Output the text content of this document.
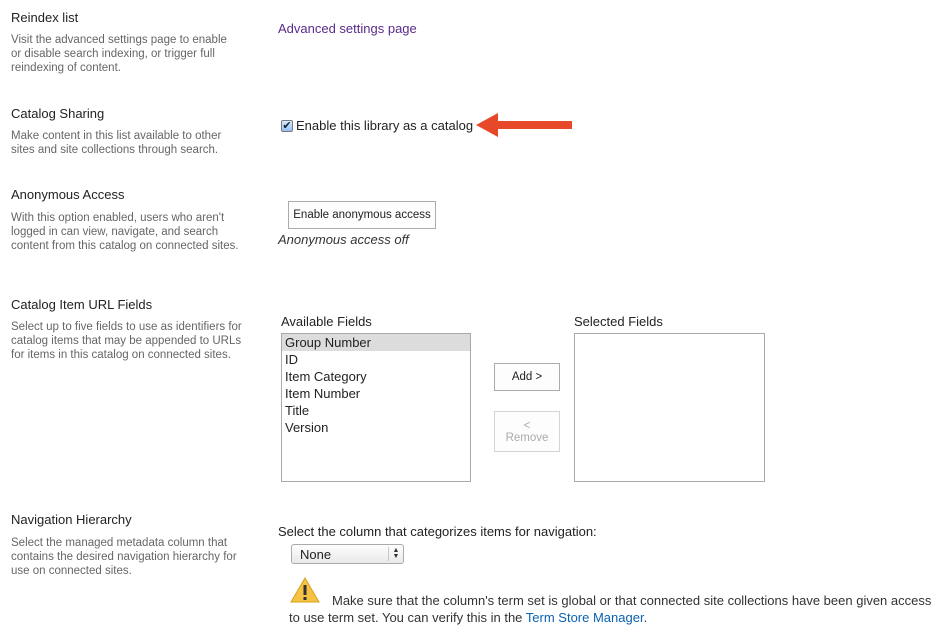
Reindex list
Visit the advanced settings page to enable or disable search indexing, or trigger full reindexing of content.
Advanced settings page
Catalog Sharing
Make content in this list available to other sites and site collections through search.
✔ Enable this library as a catalog
Anonymous Access
With this option enabled, users who aren't logged in can view, navigate, and search content from this catalog on connected sites.
Enable anonymous access
Anonymous access off
Catalog Item URL Fields
Select up to five fields to use as identifiers for catalog items that may be appended to URLs for items in this catalog on connected sites.
Available Fields
Group Number
ID
Item Category
Item Number
Title
Version
Add >
<
Remove
Selected Fields
Navigation Hierarchy
Select the managed metadata column that contains the desired navigation hierarchy for use on connected sites.
Select the column that categorizes items for navigation:
None	▲
▼
Make sure that the column's term set is global or that connected site collections have been given access to use term set. You can verify this in the Term Store Manager.
